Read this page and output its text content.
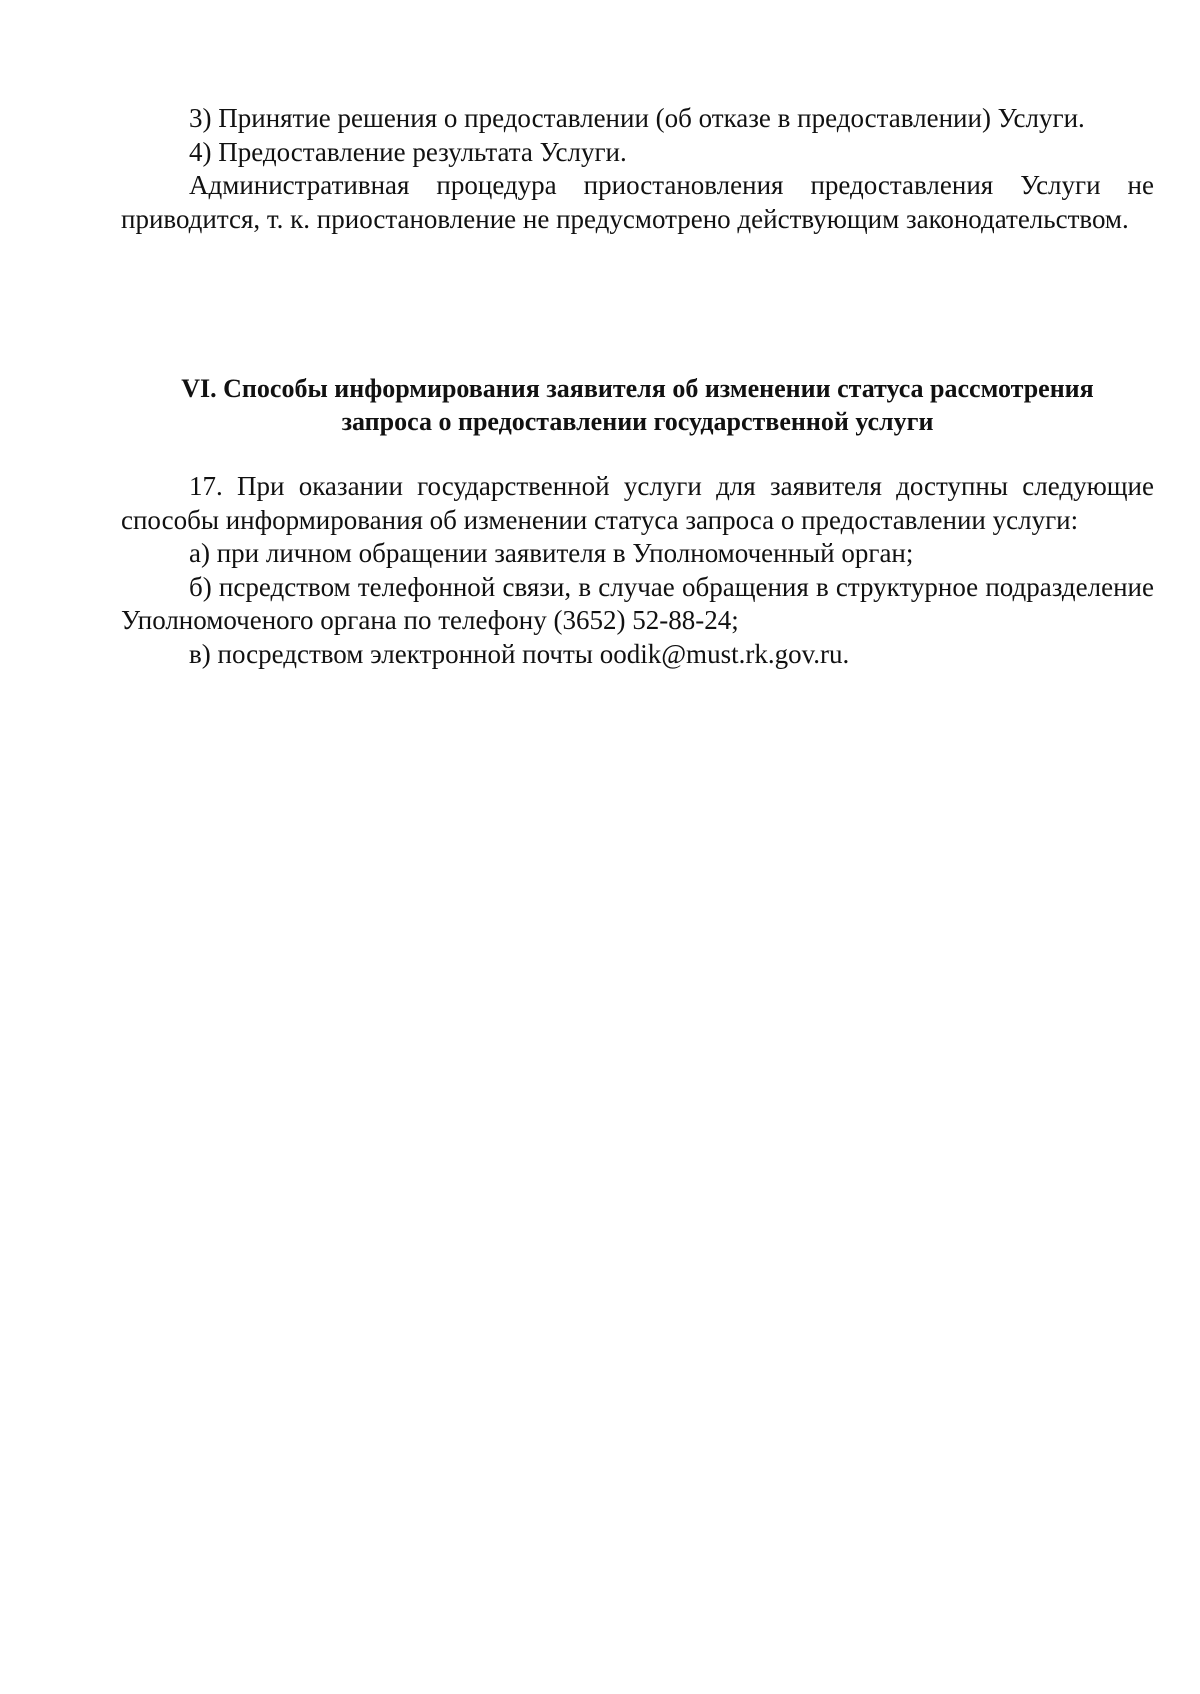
3) Принятие решения о предоставлении (об отказе в предоставлении) Услуги.

4) Предоставление результата Услуги.

Административная процедура приостановления предоставления Услуги не приводится, т. к. приостановление не предусмотрено действующим законодательством.

VI. Способы информирования заявителя об изменении статуса рассмотрения
запроса о предоставлении государственной услуги

17. При оказании государственной услуги для заявителя доступны следующие способы информирования об изменении статуса запроса о предоставлении услуги:

а) при личном обращении заявителя в Уполномоченный орган;

б) псредством телефонной связи, в случае обращения в структурное подразделение Уполномоченого органа по телефону (3652) 52-88-24;

в) посредством электронной почты oodik@must.rk.gov.ru.
